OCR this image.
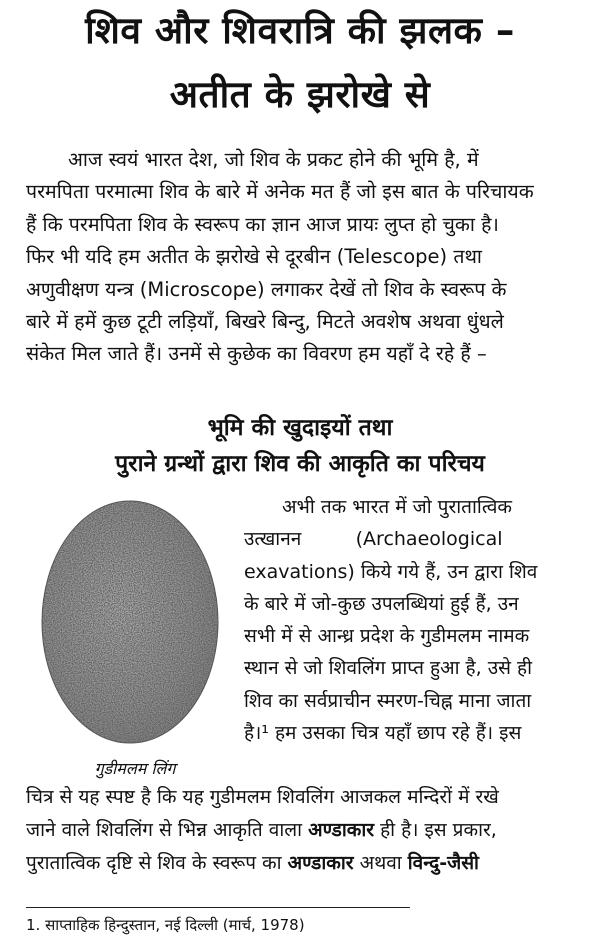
शिव और शिवरात्रि की झलक –
अतीत के झरोखे से
आज स्वयं भारत देश, जो शिव के प्रकट होने की भूमि है, में
परमपिता परमात्मा शिव के बारे में अनेक मत हैं जो इस बात के परिचायक
हैं कि परमपिता शिव के स्वरूप का ज्ञान आज प्रायः लुप्त हो चुका है।
फिर भी यदि हम अतीत के झरोखे से दूरबीन (Telescope) तथा
अणुवीक्षण यन्त्र (Microscope) लगाकर देखें तो शिव के स्वरूप के
बारे में हमें कुछ टूटी लड़ियाँ, बिखरे बिन्दु, मिटते अवशेष अथवा धुंधले
संकेत मिल जाते हैं। उनमें से कुछेक का विवरण हम यहाँ दे रहे हैं –
भूमि की खुदाइयों तथा
पुराने ग्रन्थों द्वारा शिव की आकृति का परिचय
गुडीमलम लिंग
अभी तक भारत में जो पुरातात्विक
उत्खानन         (Archaeological
exavations) किये गये हैं, उन द्वारा शिव
के बारे में जो-कुछ उपलब्धियां हुई हैं, उन
सभी में से आन्ध्र प्रदेश के गुडीमलम नामक
स्थान से जो शिवलिंग प्राप्त हुआ है, उसे ही
शिव का सर्वप्राचीन स्मरण-चिह्न माना जाता
है।¹ हम उसका चित्र यहाँ छाप रहे हैं। इस
चित्र से यह स्पष्ट है कि यह गुडीमलम शिवलिंग आजकल मन्दिरों में रखे
जाने वाले शिवलिंग से भिन्न आकृति वाला अण्डाकार ही है। इस प्रकार,
पुरातात्विक दृष्टि से शिव के स्वरूप का अण्डाकार अथवा विन्दु-जैसी
1. साप्ताहिक हिन्दुस्तान, नई दिल्ली (मार्च, 1978)
